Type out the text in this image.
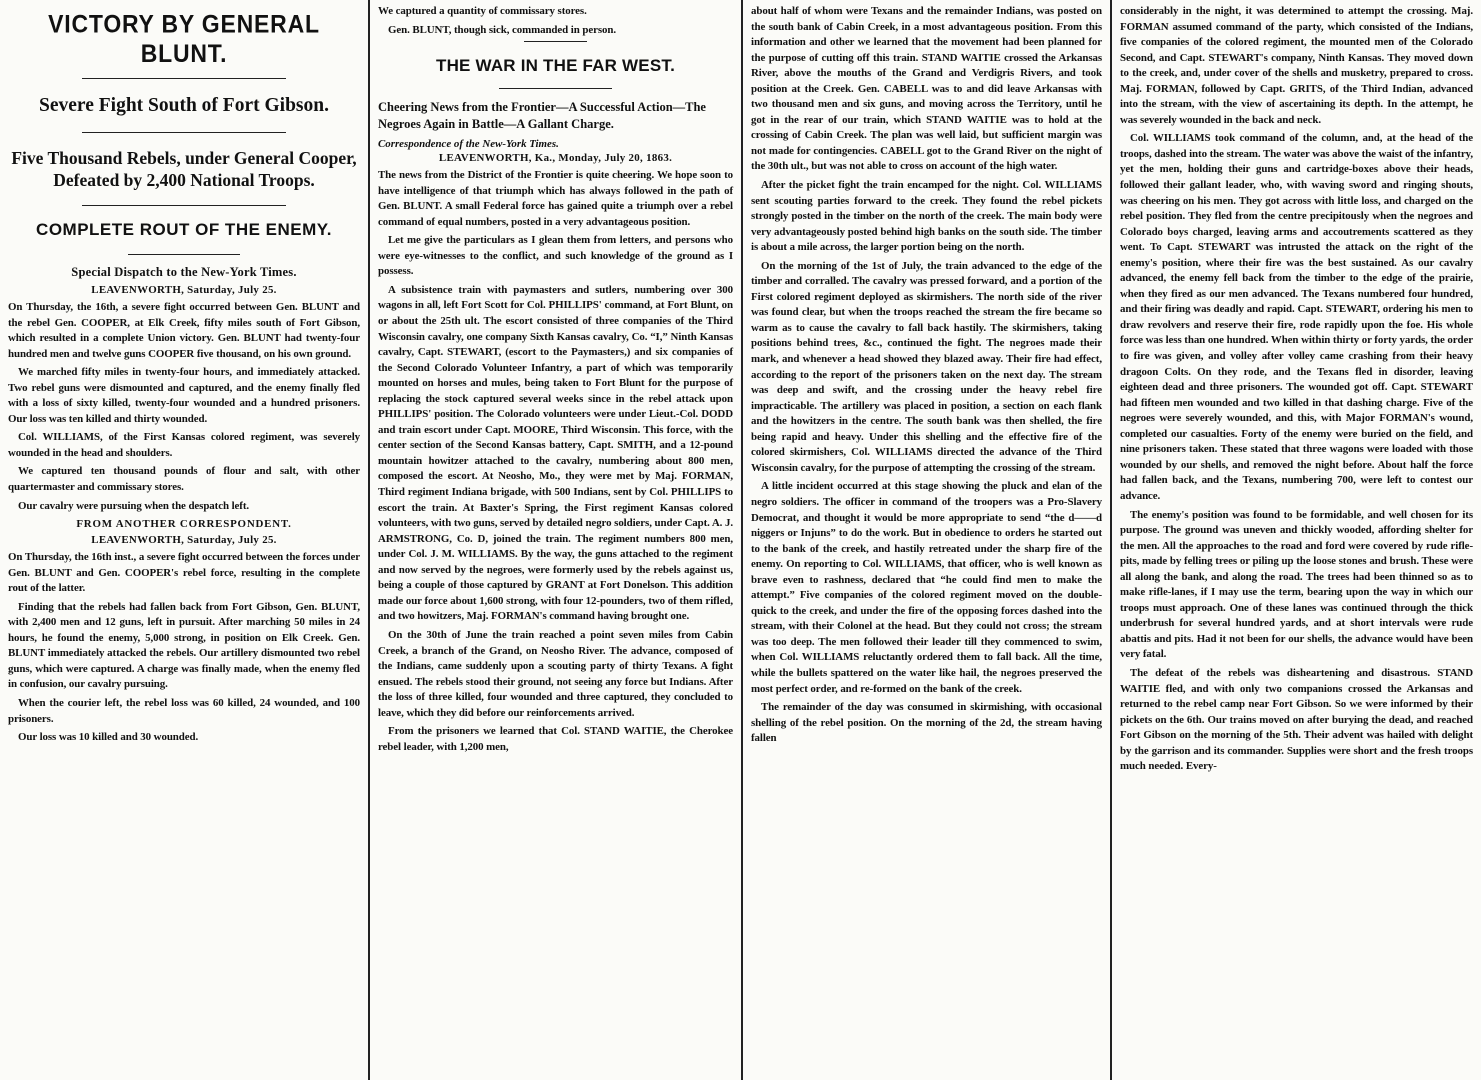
VICTORY BY GENERAL BLUNT.
Severe Fight South of Fort Gibson.
Five Thousand Rebels, under General Cooper, Defeated by 2,400 National Troops.
COMPLETE ROUT OF THE ENEMY.
Special Dispatch to the New-York Times.
LEAVENWORTH, Saturday, July 25.

On Thursday, the 16th, a severe fight occurred between Gen. BLUNT and the rebel Gen. COOPER, at Elk Creek, fifty miles south of Fort Gibson, which resulted in a complete Union victory. Gen. BLUNT had twenty-four hundred men and twelve guns COOPER five thousand, on his own ground.

We marched fifty miles in twenty-four hours, and immediately attacked. Two rebel guns were dismounted and captured, and the enemy finally fled with a loss of sixty killed, twenty-four wounded and a hundred prisoners. Our loss was ten killed and thirty wounded.

Col. WILLIAMS, of the First Kansas colored regiment, was severely wounded in the head and shoulders.

We captured ten thousand pounds of flour and salt, with other quartermaster and commissary stores.

Our cavalry were pursuing when the despatch left.

FROM ANOTHER CORRESPONDENT.
LEAVENWORTH, Saturday, July 25.

On Thursday, the 16th inst., a severe fight occurred between the forces under Gen. BLUNT and Gen. COOPER's rebel force, resulting in the complete rout of the latter.

Finding that the rebels had fallen back from Fort Gibson, Gen. BLUNT, with 2,400 men and 12 guns, left in pursuit. After marching 50 miles in 24 hours, he found the enemy, 5,000 strong, in position on Elk Creek. Gen. BLUNT immediately attacked the rebels. Our artillery dismounted two rebel guns, which were captured. A charge was finally made, when the enemy fled in confusion, our cavalry pursuing.

When the courier left, the rebel loss was 60 killed, 24 wounded, and 100 prisoners.

Our loss was 10 killed and 30 wounded.

We captured a quantity of commissary stores.

Gen. BLUNT, though sick, commanded in person.

THE WAR IN THE FAR WEST.
Cheering News from the Frontier—A Successful Action—The Negroes Again in Battle—A Gallant Charge.
Correspondence of the New-York Times.
LEAVENWORTH, Ka., Monday, July 20, 1863.

The news from the District of the Frontier is quite cheering. We hope soon to have intelligence of that triumph which has always followed in the path of Gen. BLUNT. A small Federal force has gained quite a triumph over a rebel command of equal numbers, posted in a very advantageous position.

Let me give the particulars as I glean them from letters, and persons who were eye-witnesses to the conflict, and such knowledge of the ground as I possess.

A subsistence train with paymasters and sutlers, numbering over 300 wagons in all, left Fort Scott for Col. PHILLIPS' command, at Fort Blunt, on or about the 25th ult. The escort consisted of three companies of the Third Wisconsin cavalry, one company Sixth Kansas cavalry, Co. “I,” Ninth Kansas cavalry, Capt. STEWART, (escort to the Paymasters,) and six companies of the Second Colorado Volunteer Infantry, a part of which was temporarily mounted on horses and mules, being taken to Fort Blunt for the purpose of replacing the stock captured several weeks since in the rebel attack upon PHILLIPS' position. The Colorado volunteers were under Lieut.-Col. DODD and train escort under Capt. MOORE, Third Wisconsin. This force, with the center section of the Second Kansas battery, Capt. SMITH, and a 12-pound mountain howitzer attached to the cavalry, numbering about 800 men, composed the escort. At Neosho, Mo., they were met by Maj. FORMAN, Third regiment Indiana brigade, with 500 Indians, sent by Col. PHILLIPS to escort the train. At Baxter's Spring, the First regiment Kansas colored volunteers, with two guns, served by detailed negro soldiers, under Capt. A. J. ARMSTRONG, Co. D, joined the train. The regiment numbers 800 men, under Col. J. M. WILLIAMS. By the way, the guns attached to the regiment and now served by the negroes, were formerly used by the rebels against us, being a couple of those captured by GRANT at Fort Donelson. This addition made our force about 1,600 strong, with four 12-pounders, two of them rifled, and two howitzers, Maj. FORMAN's command having brought one.

On the 30th of June the train reached a point seven miles from Cabin Creek, a branch of the Grand, on Neosho River. The advance, composed of the Indians, came suddenly upon a scouting party of thirty Texans. A fight ensued. The rebels stood their ground, not seeing any force but Indians. After the loss of three killed, four wounded and three captured, they concluded to leave, which they did before our reinforcements arrived.

From the prisoners we learned that Col. STAND WAITIE, the Cherokee rebel leader, with 1,200 men,

about half of whom were Texans and the remainder Indians, was posted on the south bank of Cabin Creek, in a most advantageous position. From this information and other we learned that the movement had been planned for the purpose of cutting off this train. STAND WAITIE crossed the Arkansas River, above the mouths of the Grand and Verdigris Rivers, and took position at the Creek. Gen. CABELL was to and did leave Arkansas with two thousand men and six guns, and moving across the Territory, until he got in the rear of our train, which STAND WAITIE was to hold at the crossing of Cabin Creek. The plan was well laid, but sufficient margin was not made for contingencies. CABELL got to the Grand River on the night of the 30th ult., but was not able to cross on account of the high water.

After the picket fight the train encamped for the night. Col. WILLIAMS sent scouting parties forward to the creek. They found the rebel pickets strongly posted in the timber on the north of the creek. The main body were very advantageously posted behind high banks on the south side. The timber is about a mile across, the larger portion being on the north.

On the morning of the 1st of July, the train advanced to the edge of the timber and corralled. The cavalry was pressed forward, and a portion of the First colored regiment deployed as skirmishers. The north side of the river was found clear, but when the troops reached the stream the fire became so warm as to cause the cavalry to fall back hastily. The skirmishers, taking positions behind trees, &c., continued the fight. The negroes made their mark, and whenever a head showed they blazed away. Their fire had effect, according to the report of the prisoners taken on the next day. The stream was deep and swift, and the crossing under the heavy rebel fire impracticable. The artillery was placed in position, a section on each flank and the howitzers in the centre. The south bank was then shelled, the fire being rapid and heavy. Under this shelling and the effective fire of the colored skirmishers, Col. WILLIAMS directed the advance of the Third Wisconsin cavalry, for the purpose of attempting the crossing of the stream.

A little incident occurred at this stage showing the pluck and elan of the negro soldiers. The officer in command of the troopers was a Pro-Slavery Democrat, and thought it would be more appropriate to send “the d——d niggers or Injuns” to do the work. But in obedience to orders he started out to the bank of the creek, and hastily retreated under the sharp fire of the enemy. On reporting to Col. WILLIAMS, that officer, who is well known as brave even to rashness, declared that “he could find men to make the attempt.” Five companies of the colored regiment moved on the double-quick to the creek, and under the fire of the opposing forces dashed into the stream, with their Colonel at the head. But they could not cross; the stream was too deep. The men followed their leader till they commenced to swim, when Col. WILLIAMS reluctantly ordered them to fall back. All the time, while the bullets spattered on the water like hail, the negroes preserved the most perfect order, and re-formed on the bank of the creek.

The remainder of the day was consumed in skirmishing, with occasional shelling of the rebel position. On the morning of the 2d, the stream having fallen

considerably in the night, it was determined to attempt the crossing. Maj. FORMAN assumed command of the party, which consisted of the Indians, five companies of the colored regiment, the mounted men of the Colorado Second, and Capt. STEWART's company, Ninth Kansas. They moved down to the creek, and, under cover of the shells and musketry, prepared to cross. Maj. FORMAN, followed by Capt. GRITS, of the Third Indian, advanced into the stream, with the view of ascertaining its depth. In the attempt, he was severely wounded in the back and neck.

Col. WILLIAMS took command of the column, and, at the head of the troops, dashed into the stream. The water was above the waist of the infantry, yet the men, holding their guns and cartridge-boxes above their heads, followed their gallant leader, who, with waving sword and ringing shouts, was cheering on his men. They got across with little loss, and charged on the rebel position. They fled from the centre precipitously when the negroes and Colorado boys charged, leaving arms and accoutrements scattered as they went. To Capt. STEWART was intrusted the attack on the right of the enemy's position, where their fire was the best sustained. As our cavalry advanced, the enemy fell back from the timber to the edge of the prairie, when they fired as our men advanced. The Texans numbered four hundred, and their firing was deadly and rapid. Capt. STEWART, ordering his men to draw revolvers and reserve their fire, rode rapidly upon the foe. His whole force was less than one hundred. When within thirty or forty yards, the order to fire was given, and volley after volley came crashing from their heavy dragoon Colts. On they rode, and the Texans fled in disorder, leaving eighteen dead and three prisoners. The wounded got off. Capt. STEWART had fifteen men wounded and two killed in that dashing charge. Five of the negroes were severely wounded, and this, with Major FORMAN's wound, completed our casualties. Forty of the enemy were buried on the field, and nine prisoners taken. These stated that three wagons were loaded with those wounded by our shells, and removed the night before. About half the force had fallen back, and the Texans, numbering 700, were left to contest our advance.

The enemy's position was found to be formidable, and well chosen for its purpose. The ground was uneven and thickly wooded, affording shelter for the men. All the approaches to the road and ford were covered by rude rifle-pits, made by felling trees or piling up the loose stones and brush. These were all along the bank, and along the road. The trees had been thinned so as to make rifle-lanes, if I may use the term, bearing upon the way in which our troops must approach. One of these lanes was continued through the thick underbrush for several hundred yards, and at short intervals were rude abattis and pits. Had it not been for our shells, the advance would have been very fatal.

The defeat of the rebels was disheartening and disastrous. STAND WAITIE fled, and with only two companions crossed the Arkansas and returned to the rebel camp near Fort Gibson. So we were informed by their pickets on the 6th. Our trains moved on after burying the dead, and reached Fort Gibson on the morning of the 5th. Their advent was hailed with delight by the garrison and its commander. Supplies were short and the fresh troops much needed. Every-
